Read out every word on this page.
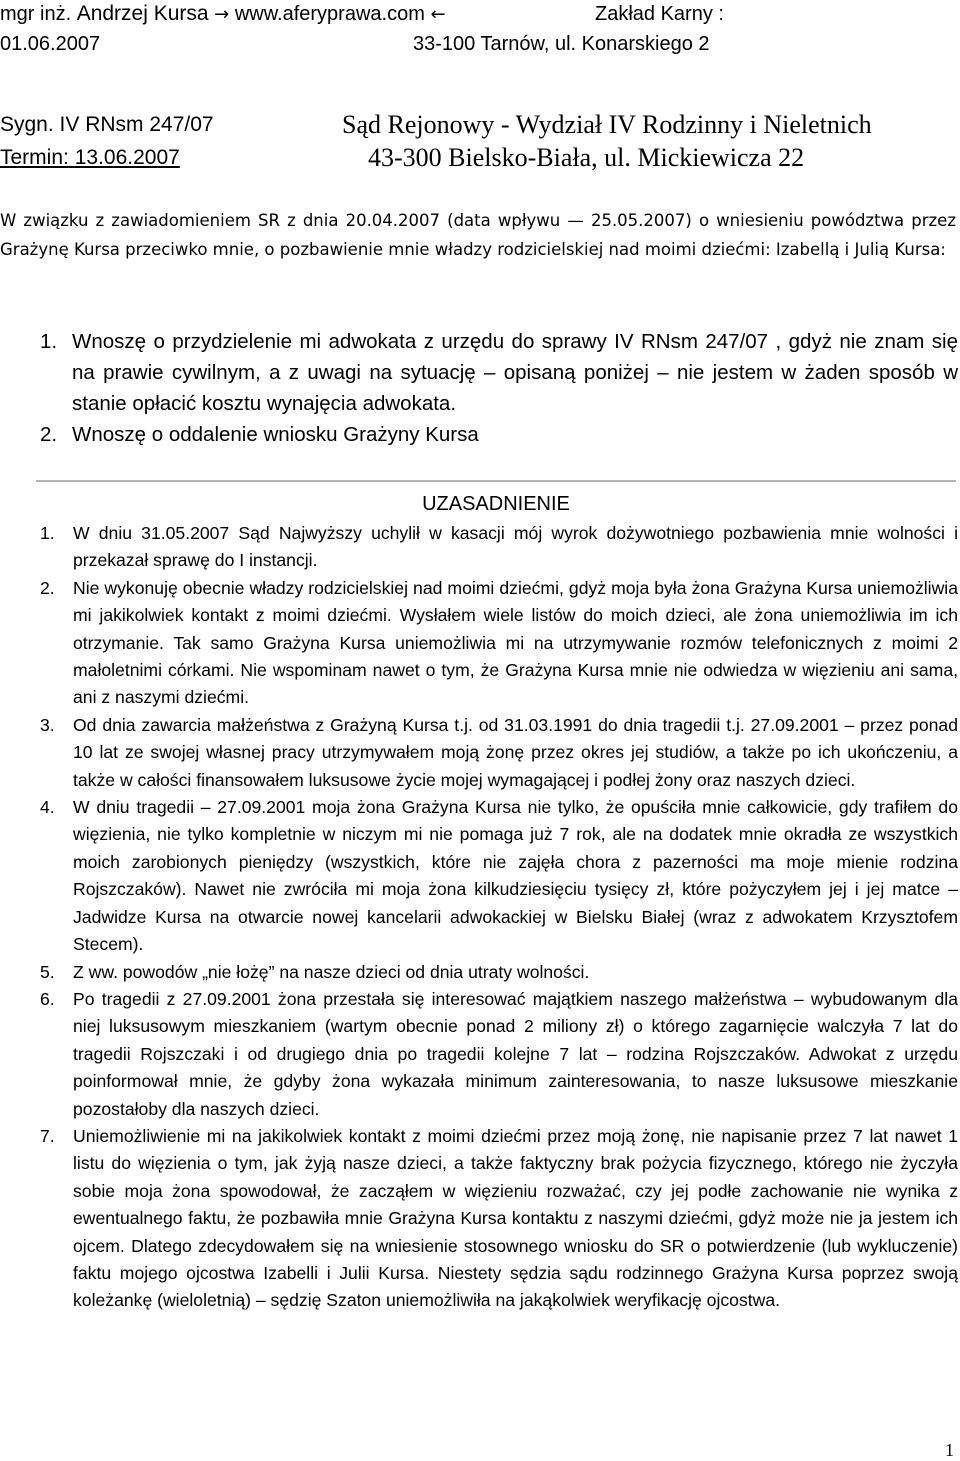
mgr inż. Andrzej Kursa → www.aferyprawa.com ←	Zakład Karny :
01.06.2007	33-100 Tarnów, ul. Konarskiego 2
Sygn. IV RNsm 247/07
Termin: 13.06.2007
Sąd Rejonowy - Wydział IV Rodzinny i Nieletnich
43-300 Bielsko-Biała, ul. Mickiewicza 22

W związku z zawiadomieniem SR z dnia 20.04.2007 (data wpływu — 25.05.2007) o wniesieniu powództwa przez Grażynę Kursa przeciwko mnie, o pozbawienie mnie władzy rodzicielskiej nad moimi dziećmi: Izabellą i Julią Kursa:

1. Wnoszę o przydzielenie mi adwokata z urzędu do sprawy IV RNsm 247/07 , gdyż nie znam się na prawie cywilnym, a z uwagi na sytuację – opisaną poniżej – nie jestem w żaden sposób w stanie opłacić kosztu wynajęcia adwokata.
2. Wnoszę o oddalenie wniosku Grażyny Kursa
UZASADNIENIE
1. W dniu 31.05.2007 Sąd Najwyższy uchylił w kasacji mój wyrok dożywotniego pozbawienia mnie wolności i przekazał sprawę do I instancji.
2. Nie wykonuję obecnie władzy rodzicielskiej nad moimi dziećmi, gdyż moja była żona Grażyna Kursa uniemożliwia mi jakikolwiek kontakt z moimi dziećmi. Wysłałem wiele listów do moich dzieci, ale żona uniemożliwia im ich otrzymanie. Tak samo Grażyna Kursa uniemożliwia mi na utrzymywanie rozmów telefonicznych z moimi 2 małoletnimi córkami. Nie wspominam nawet o tym, że Grażyna Kursa mnie nie odwiedza w więzieniu ani sama, ani z naszymi dziećmi.
3. Od dnia zawarcia małżeństwa z Grażyną Kursa t.j. od 31.03.1991 do dnia tragedii t.j. 27.09.2001 – przez ponad 10 lat ze swojej własnej pracy utrzymywałem moją żonę przez okres jej studiów, a także po ich ukończeniu, a także w całości finansowałem luksusowe życie mojej wymagającej i podłej żony oraz naszych dzieci.
4. W dniu tragedii – 27.09.2001 moja żona Grażyna Kursa nie tylko, że opuściła mnie całkowicie, gdy trafiłem do więzienia, nie tylko kompletnie w niczym mi nie pomaga już 7 rok, ale na dodatek mnie okradła ze wszystkich moich zarobionych pieniędzy (wszystkich, które nie zajęła chora z pazerności ma moje mienie rodzina Rojszczaków). Nawet nie zwróciła mi moja żona kilkudziesięciu tysięcy zł, które pożyczyłem jej i jej matce – Jadwidze Kursa na otwarcie nowej kancelarii adwokackiej w Bielsku Białej (wraz z adwokatem Krzysztofem Stecem).
5. Z ww. powodów „nie łożę” na nasze dzieci od dnia utraty wolności.
6. Po tragedii z 27.09.2001 żona przestała się interesować majątkiem naszego małżeństwa – wybudowanym dla niej luksusowym mieszkaniem (wartym obecnie ponad 2 miliony zł) o którego zagarnięcie walczyła 7 lat do tragedii Rojszczaki i od drugiego dnia po tragedii kolejne 7 lat – rodzina Rojszczaków. Adwokat z urzędu poinformował mnie, że gdyby żona wykazała minimum zainteresowania, to nasze luksusowe mieszkanie pozostałoby dla naszych dzieci.
7. Uniemożliwienie mi na jakikolwiek kontakt z moimi dziećmi przez moją żonę, nie napisanie przez 7 lat nawet 1 listu do więzienia o tym, jak żyją nasze dzieci, a także faktyczny brak pożycia fizycznego, którego nie życzyła sobie moja żona spowodował, że zacząłem w więzieniu rozważać, czy jej podłe zachowanie nie wynika z ewentualnego faktu, że pozbawiła mnie Grażyna Kursa kontaktu z naszymi dziećmi, gdyż może nie ja jestem ich ojcem. Dlatego zdecydowałem się na wniesienie stosownego wniosku do SR o potwierdzenie (lub wykluczenie) faktu mojego ojcostwa Izabelli i Julii Kursa. Niestety sędzia sądu rodzinnego Grażyna Kursa poprzez swoją koleżankę (wieloletnią) – sędzię Szaton uniemożliwiła na jakąkolwiek weryfikację ojcostwa.
1
